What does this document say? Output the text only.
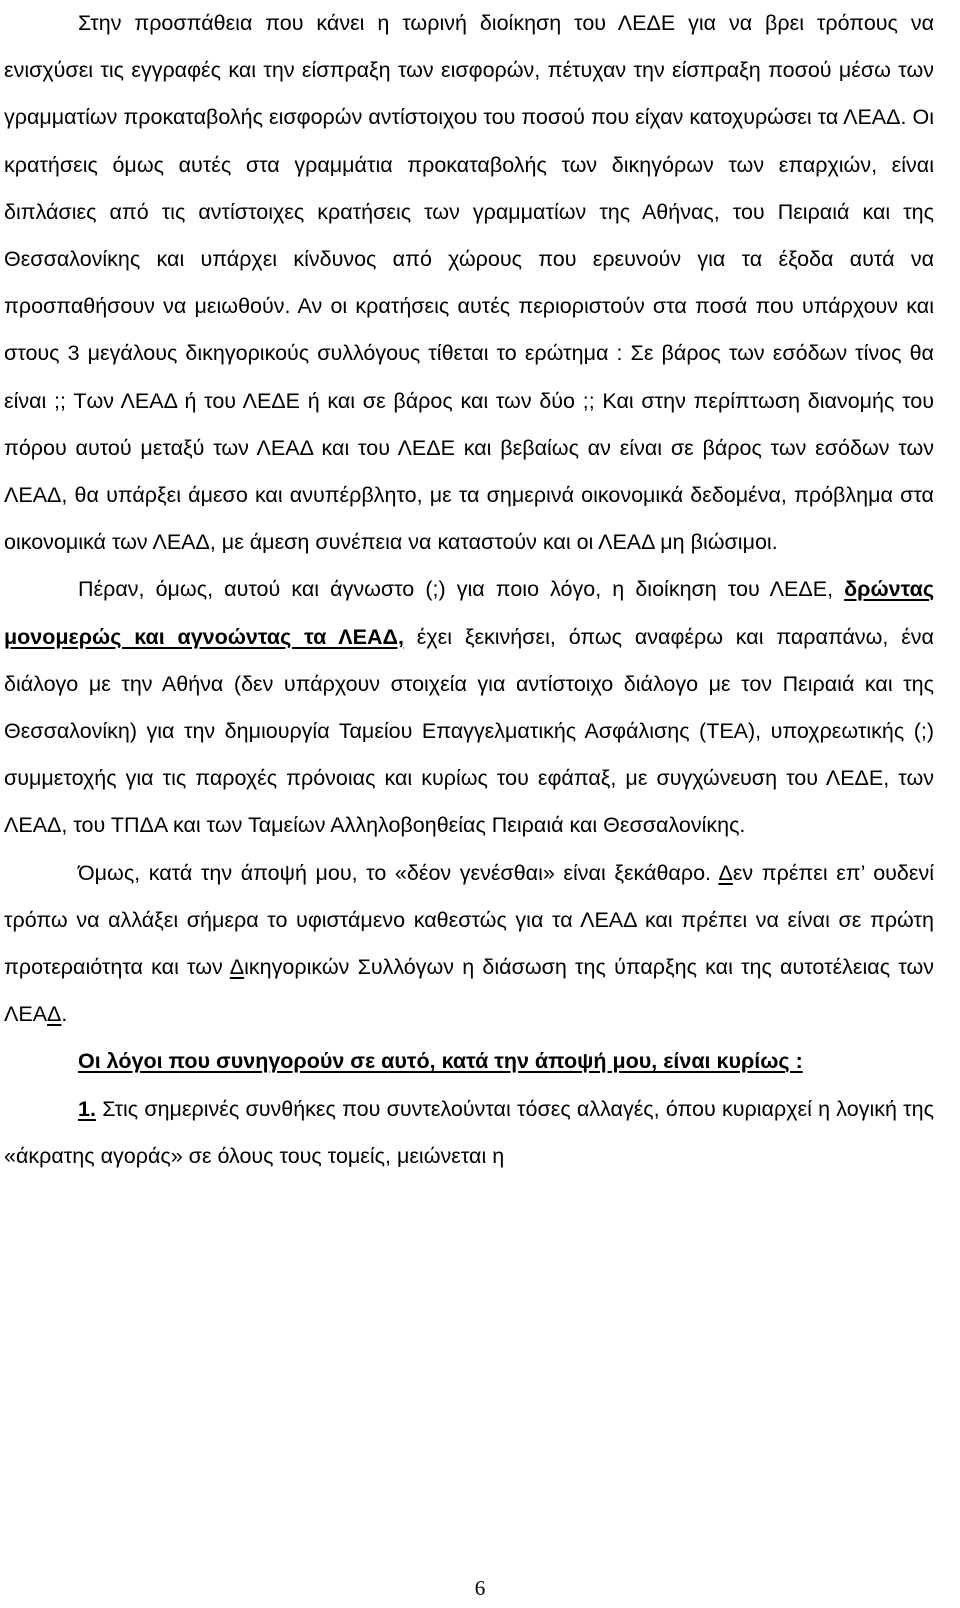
Στην προσπάθεια που κάνει η τωρινή διοίκηση του ΛΕΔΕ για να βρει τρόπους να ενισχύσει τις εγγραφές και την είσπραξη των εισφορών, πέτυχαν την είσπραξη ποσού μέσω των γραμματίων προκαταβολής εισφορών αντίστοιχου του ποσού που είχαν κατοχυρώσει τα ΛΕΑΔ. Οι κρατήσεις όμως αυτές στα γραμμάτια προκαταβολής των δικηγόρων των επαρχιών, είναι διπλάσιες από τις αντίστοιχες κρατήσεις των γραμματίων της Αθήνας, του Πειραιά και της Θεσσαλονίκης και υπάρχει κίνδυνος από χώρους που ερευνούν για τα έξοδα αυτά να προσπαθήσουν να μειωθούν. Αν οι κρατήσεις αυτές περιοριστούν στα ποσά που υπάρχουν και στους 3 μεγάλους δικηγορικούς συλλόγους τίθεται το ερώτημα : Σε βάρος των εσόδων τίνος θα είναι ;; Των ΛΕΑΔ ή του ΛΕΔΕ ή και σε βάρος και των δύο ;; Και στην περίπτωση διανομής του πόρου αυτού μεταξύ των ΛΕΑΔ και του ΛΕΔΕ και βεβαίως αν είναι σε βάρος των εσόδων των ΛΕΑΔ, θα υπάρξει άμεσο και ανυπέρβλητο, με τα σημερινά οικονομικά δεδομένα, πρόβλημα στα οικονομικά των ΛΕΑΔ, με άμεση συνέπεια να καταστούν και οι ΛΕΑΔ μη βιώσιμοι.

Πέραν, όμως, αυτού και άγνωστο (;) για ποιο λόγο, η διοίκηση του ΛΕΔΕ, δρώντας μονομερώς και αγνοώντας τα ΛΕΑΔ, έχει ξεκινήσει, όπως αναφέρω και παραπάνω, ένα διάλογο με την Αθήνα (δεν υπάρχουν στοιχεία για αντίστοιχο διάλογο με τον Πειραιά και της Θεσσαλονίκη) για την δημιουργία Ταμείου Επαγγελματικής Ασφάλισης (ΤΕΑ), υποχρεωτικής (;) συμμετοχής για τις παροχές πρόνοιας και κυρίως του εφάπαξ, με συγχώνευση του ΛΕΔΕ, των ΛΕΑΔ, του ΤΠΔΑ και των Ταμείων Αλληλοβοηθείας Πειραιά και Θεσσαλονίκης.

Όμως, κατά την άποψή μου, το «δέον γενέσθαι» είναι ξεκάθαρο. Δεν πρέπει επ’ ουδενί τρόπω να αλλάξει σήμερα το υφιστάμενο καθεστώς για τα ΛΕΑΔ και πρέπει να είναι σε πρώτη προτεραιότητα και των Δικηγορικών Συλλόγων η διάσωση της ύπαρξης και της αυτοτέλειας των ΛΕΑΔ.

Οι λόγοι που συνηγορούν σε αυτό, κατά την άποψή μου, είναι κυρίως :

1. Στις σημερινές συνθήκες που συντελούνται τόσες αλλαγές, όπου κυριαρχεί η λογική της «άκρατης αγοράς» σε όλους τους τομείς, μειώνεται η

6
